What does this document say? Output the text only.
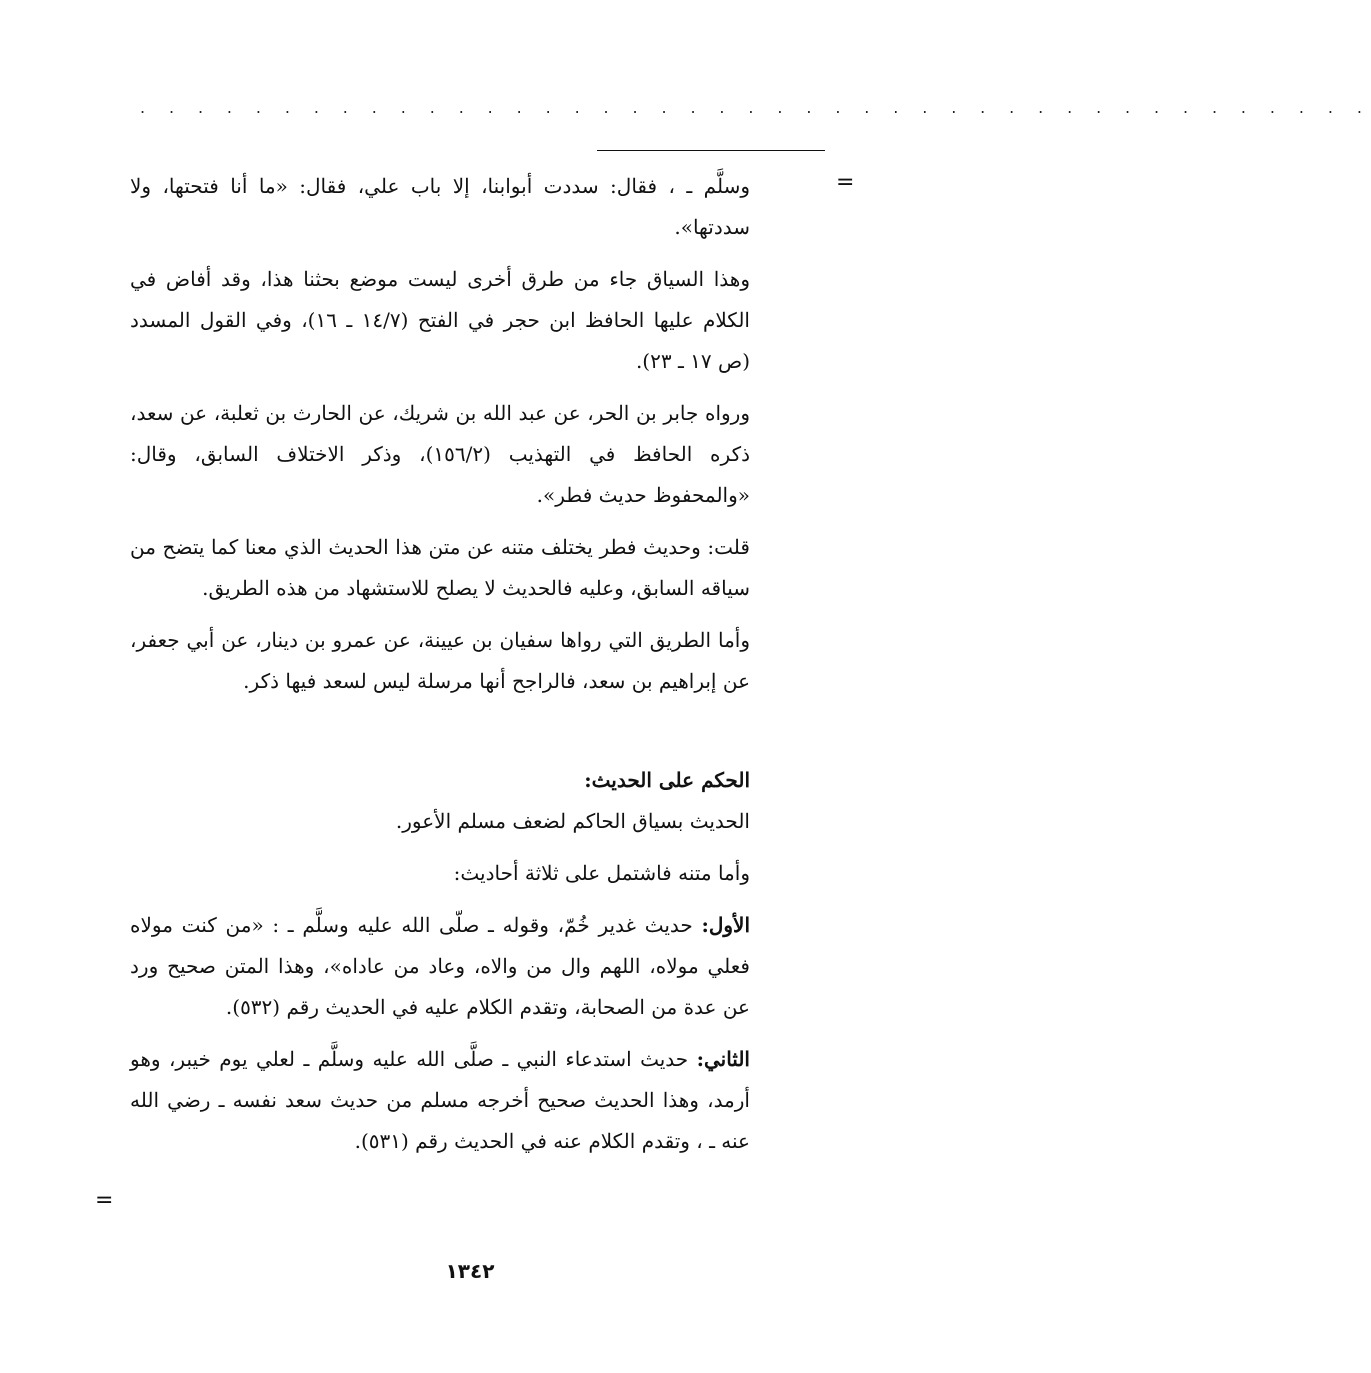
. . . . . . . . . . . . . . . . . . . . . . . . . . . . . . . . . . . . . . . . . . .
=
=

وسلَّم ـ ، فقال: سددت أبوابنا، إلا باب علي، فقال: «ما أنا فتحتها، ولا سددتها».

وهذا السياق جاء من طرق أخرى ليست موضع بحثنا هذا، وقد أفاض في الكلام عليها الحافظ ابن حجر في الفتح (١٤/٧ ـ ١٦)، وفي القول المسدد (ص ١٧ ـ ٢٣).

ورواه جابر بن الحر، عن عبد الله بن شريك، عن الحارث بن ثعلبة، عن سعد، ذكره الحافظ في التهذيب (١٥٦/٢)، وذكر الاختلاف السابق، وقال: «والمحفوظ حديث فطر».

قلت: وحديث فطر يختلف متنه عن متن هذا الحديث الذي معنا كما يتضح من سياقه السابق، وعليه فالحديث لا يصلح للاستشهاد من هذه الطريق.

وأما الطريق التي رواها سفيان بن عيينة، عن عمرو بن دينار، عن أبي جعفر، عن إبراهيم بن سعد، فالراجح أنها مرسلة ليس لسعد فيها ذكر.

الحكم على الحديث:

الحديث بسياق الحاكم لضعف مسلم الأعور.

وأما متنه فاشتمل على ثلاثة أحاديث:

الأول: حديث غدير خُمّ، وقوله ـ صلّى الله عليه وسلَّم ـ : «من كنت مولاه فعلي مولاه، اللهم وال من والاه، وعاد من عاداه»، وهذا المتن صحيح ورد عن عدة من الصحابة، وتقدم الكلام عليه في الحديث رقم (٥٣٢).

الثاني: حديث استدعاء النبي ـ صلَّى الله عليه وسلَّم ـ لعلي يوم خيبر، وهو أرمد، وهذا الحديث صحيح أخرجه مسلم من حديث سعد نفسه ـ رضي الله عنه ـ ، وتقدم الكلام عنه في الحديث رقم (٥٣١).

١٣٤٢
